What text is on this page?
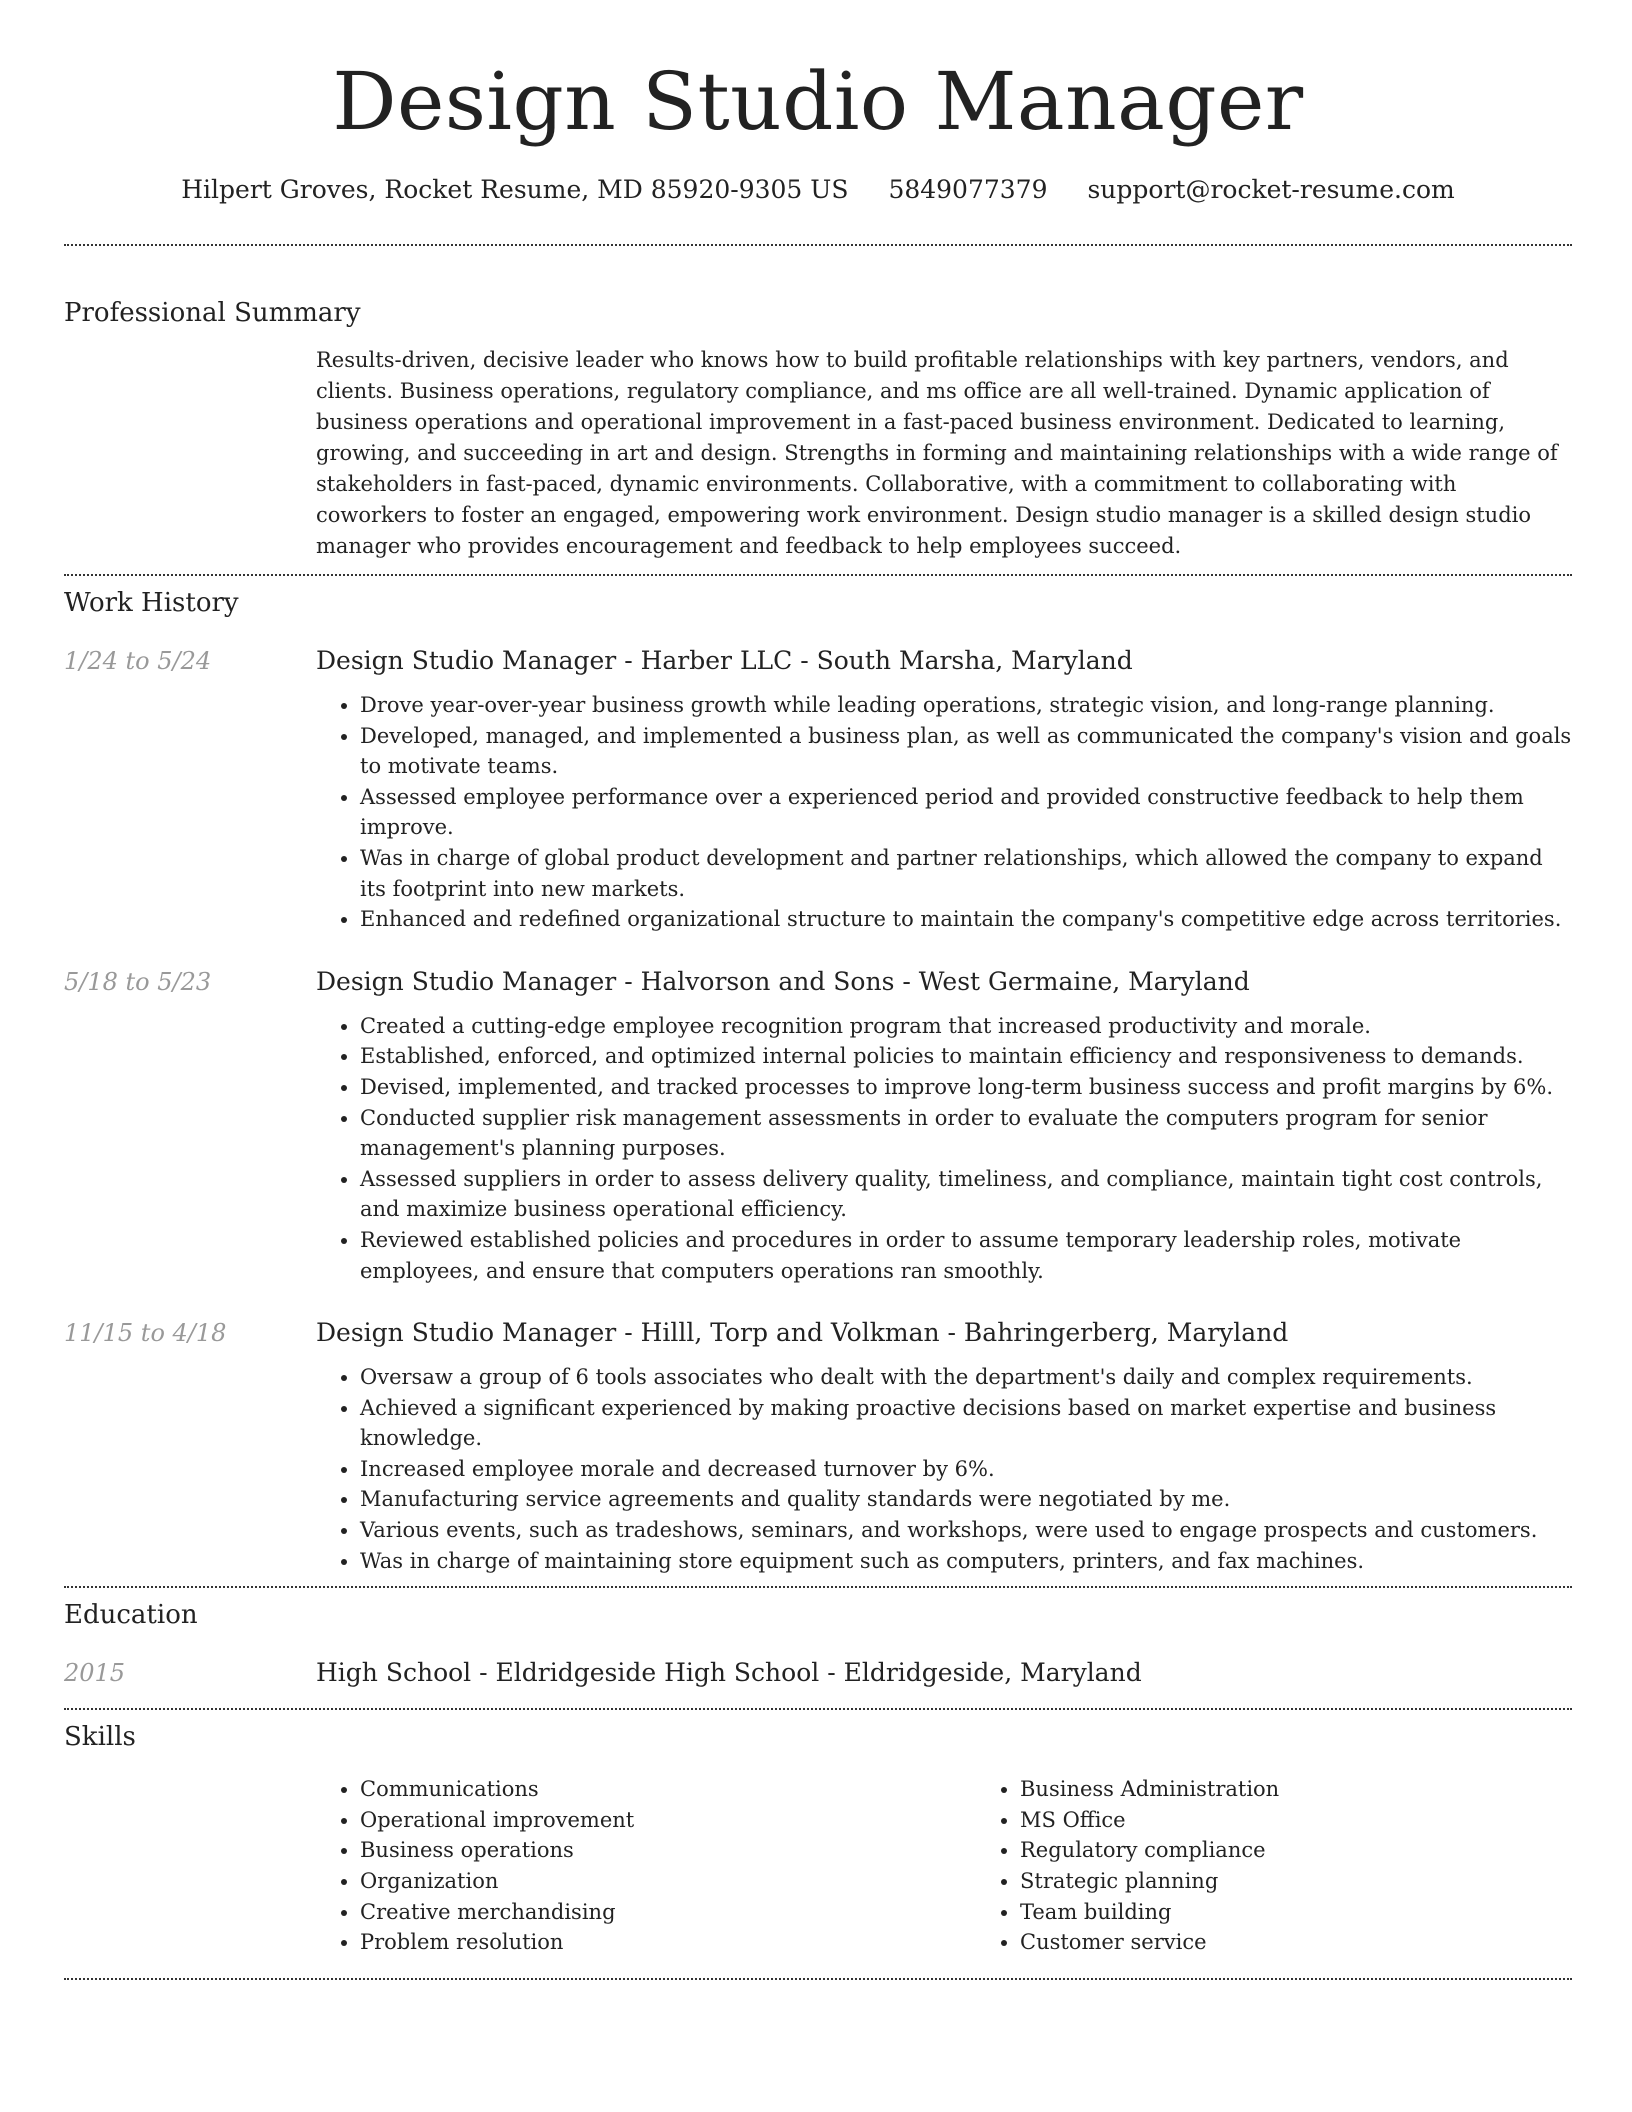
Design Studio Manager
Hilpert Groves, Rocket Resume, MD 85920-9305 US 5849077379 support@rocket-resume.com
Professional Summary

Results-driven, decisive leader who knows how to build profitable relationships with key partners, vendors, and clients. Business operations, regulatory compliance, and ms office are all well-trained. Dynamic application of business operations and operational improvement in a fast-paced business environment. Dedicated to learning, growing, and succeeding in art and design. Strengths in forming and maintaining relationships with a wide range of stakeholders in fast-paced, dynamic environments. Collaborative, with a commitment to collaborating with coworkers to foster an engaged, empowering work environment. Design studio manager is a skilled design studio manager who provides encouragement and feedback to help employees succeed.

Work History
1/24 to 5/24	Design Studio Manager - Harber LLC - South Marsha, Maryland
• Drove year-over-year business growth while leading operations, strategic vision, and long-range planning.
• Developed, managed, and implemented a business plan, as well as communicated the company's vision and goals to motivate teams.
• Assessed employee performance over a experienced period and provided constructive feedback to help them improve.
• Was in charge of global product development and partner relationships, which allowed the company to expand its footprint into new markets.
• Enhanced and redefined organizational structure to maintain the company's competitive edge across territories.
5/18 to 5/23	Design Studio Manager - Halvorson and Sons - West Germaine, Maryland
• Created a cutting-edge employee recognition program that increased productivity and morale.
• Established, enforced, and optimized internal policies to maintain efficiency and responsiveness to demands.
• Devised, implemented, and tracked processes to improve long-term business success and profit margins by 6%.
• Conducted supplier risk management assessments in order to evaluate the computers program for senior management's planning purposes.
• Assessed suppliers in order to assess delivery quality, timeliness, and compliance, maintain tight cost controls, and maximize business operational efficiency.
• Reviewed established policies and procedures in order to assume temporary leadership roles, motivate employees, and ensure that computers operations ran smoothly.
11/15 to 4/18	Design Studio Manager - Hilll, Torp and Volkman - Bahringerberg, Maryland
• Oversaw a group of 6 tools associates who dealt with the department's daily and complex requirements.
• Achieved a significant experienced by making proactive decisions based on market expertise and business knowledge.
• Increased employee morale and decreased turnover by 6%.
• Manufacturing service agreements and quality standards were negotiated by me.
• Various events, such as tradeshows, seminars, and workshops, were used to engage prospects and customers.
• Was in charge of maintaining store equipment such as computers, printers, and fax machines.
Education
2015	High School - Eldridgeside High School - Eldridgeside, Maryland
Skills
• Communications
• Operational improvement
• Business operations
• Organization
• Creative merchandising
• Problem resolution
• Business Administration
• MS Office
• Regulatory compliance
• Strategic planning
• Team building
• Customer service
